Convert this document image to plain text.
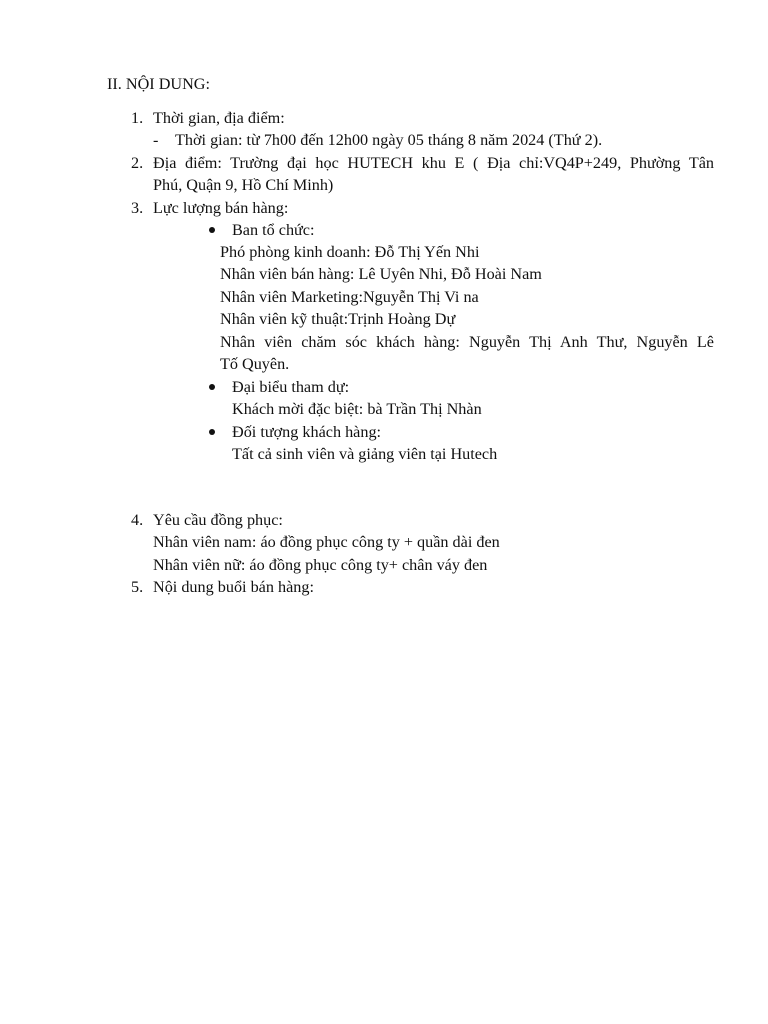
II. NỘI DUNG:
1. Thời gian, địa điểm:
- Thời gian: từ 7h00 đến 12h00 ngày 05 tháng 8 năm 2024 (Thứ 2).
2. Địa điểm: Trường đại học HUTECH khu E ( Địa chỉ:VQ4P+249, Phường Tân
Phú, Quận 9, Hồ Chí Minh)
3. Lực lượng bán hàng:
Ban tổ chức:
Phó phòng kinh doanh: Đỗ Thị Yến Nhi
Nhân viên bán hàng: Lê Uyên Nhi, Đỗ Hoài Nam
Nhân viên Marketing:Nguyễn Thị Vi na
Nhân viên kỹ thuật:Trịnh Hoàng Dự
Nhân viên chăm sóc khách hàng: Nguyễn Thị Anh Thư, Nguyễn Lê
Tố Quyên.
Đại biểu tham dự:
Khách mời đặc biệt: bà Trần Thị Nhàn
Đối tượng khách hàng:
Tất cả sinh viên và giảng viên tại Hutech
4. Yêu cầu đồng phục:
Nhân viên nam: áo đồng phục công ty + quần dài đen
Nhân viên nữ: áo đồng phục công ty+ chân váy đen
5. Nội dung buổi bán hàng:
